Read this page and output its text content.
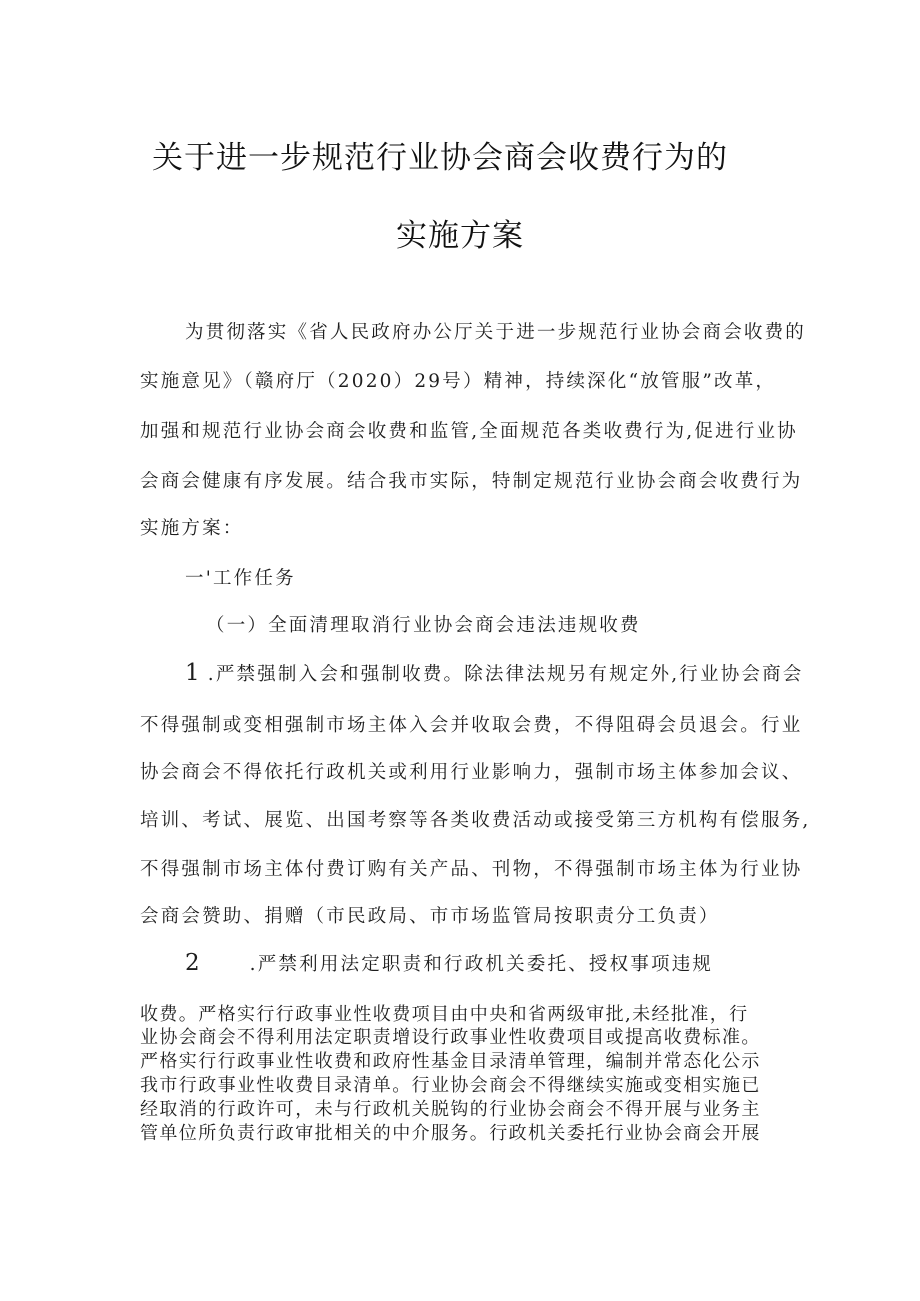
关于进一步规范行业协会商会收费行为的
实施方案
为贯彻落实《省人民政府办公厅关于进一步规范行业协会商会收费的
实施意见》（赣府厅（2020）29号）精神，持续深化“放管服”改革，
加强和规范行业协会商会收费和监管,全面规范各类收费行为,促进行业协
会商会健康有序发展。结合我市实际，特制定规范行业协会商会收费行为
实施方案：
一'工作任务
（一）全面清理取消行业协会商会违法违规收费
1 .严禁强制入会和强制收费。除法律法规另有规定外,行业协会商会
不得强制或变相强制市场主体入会并收取会费，不得阻碍会员退会。行业
协会商会不得依托行政机关或利用行业影响力，强制市场主体参加会议、
培训、考试、展览、出国考察等各类收费活动或接受第三方机构有偿服务,
不得强制市场主体付费订购有关产品、刊物，不得强制市场主体为行业协
会商会赞助、捐赠（市民政局、市市场监管局按职责分工负责）
2	.严禁利用法定职责和行政机关委托、授权事项违规
收费。严格实行行政事业性收费项目由中央和省两级审批,未经批准，行
业协会商会不得利用法定职责增设行政事业性收费项目或提高收费标准。
严格实行行政事业性收费和政府性基金目录清单管理，编制并常态化公示
我市行政事业性收费目录清单。行业协会商会不得继续实施或变相实施已
经取消的行政许可，未与行政机关脱钩的行业协会商会不得开展与业务主
管单位所负责行政审批相关的中介服务。行政机关委托行业协会商会开展
